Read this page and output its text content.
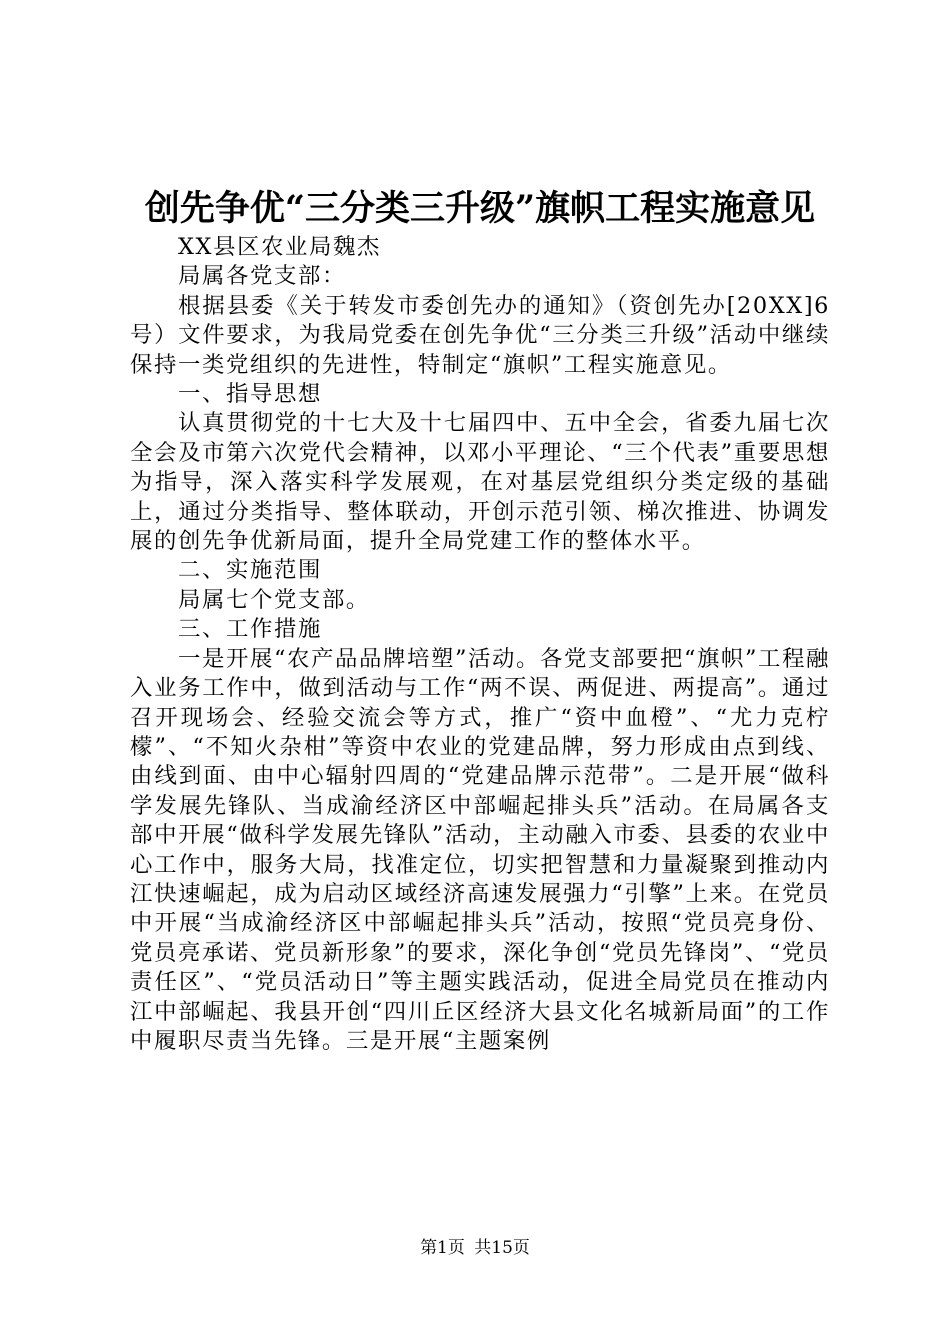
创先争优“三分类三升级”旗帜工程实施意见

XX县区农业局魏杰

局属各党支部：

根据县委《关于转发市委创先办的通知》（资创先办[20XX]6号）文件要求，为我局党委在创先争优“三分类三升级”活动中继续保持一类党组织的先进性，特制定“旗帜”工程实施意见。

一、指导思想

认真贯彻党的十七大及十七届四中、五中全会，省委九届七次全会及市第六次党代会精神，以邓小平理论、“三个代表”重要思想为指导，深入落实科学发展观，在对基层党组织分类定级的基础上，通过分类指导、整体联动，开创示范引领、梯次推进、协调发展的创先争优新局面，提升全局党建工作的整体水平。

二、实施范围

局属七个党支部。

三、工作措施

一是开展“农产品品牌培塑”活动。各党支部要把“旗帜”工程融入业务工作中，做到活动与工作“两不误、两促进、两提高”。通过召开现场会、经验交流会等方式，推广“资中血橙”、“尤力克柠檬”、“不知火杂柑”等资中农业的党建品牌，努力形成由点到线、由线到面、由中心辐射四周的“党建品牌示范带”。二是开展“做科学发展先锋队、当成渝经济区中部崛起排头兵”活动。在局属各支部中开展“做科学发展先锋队”活动，主动融入市委、县委的农业中心工作中，服务大局，找准定位，切实把智慧和力量凝聚到推动内江快速崛起，成为启动区域经济高速发展强力“引擎”上来。在党员中开展“当成渝经济区中部崛起排头兵”活动，按照“党员亮身份、党员亮承诺、党员新形象”的要求，深化争创“党员先锋岗”、“党员责任区”、“党员活动日”等主题实践活动，促进全局党员在推动内江中部崛起、我县开创“四川丘区经济大县文化名城新局面”的工作中履职尽责当先锋。三是开展“主题案例

第1页 共15页
